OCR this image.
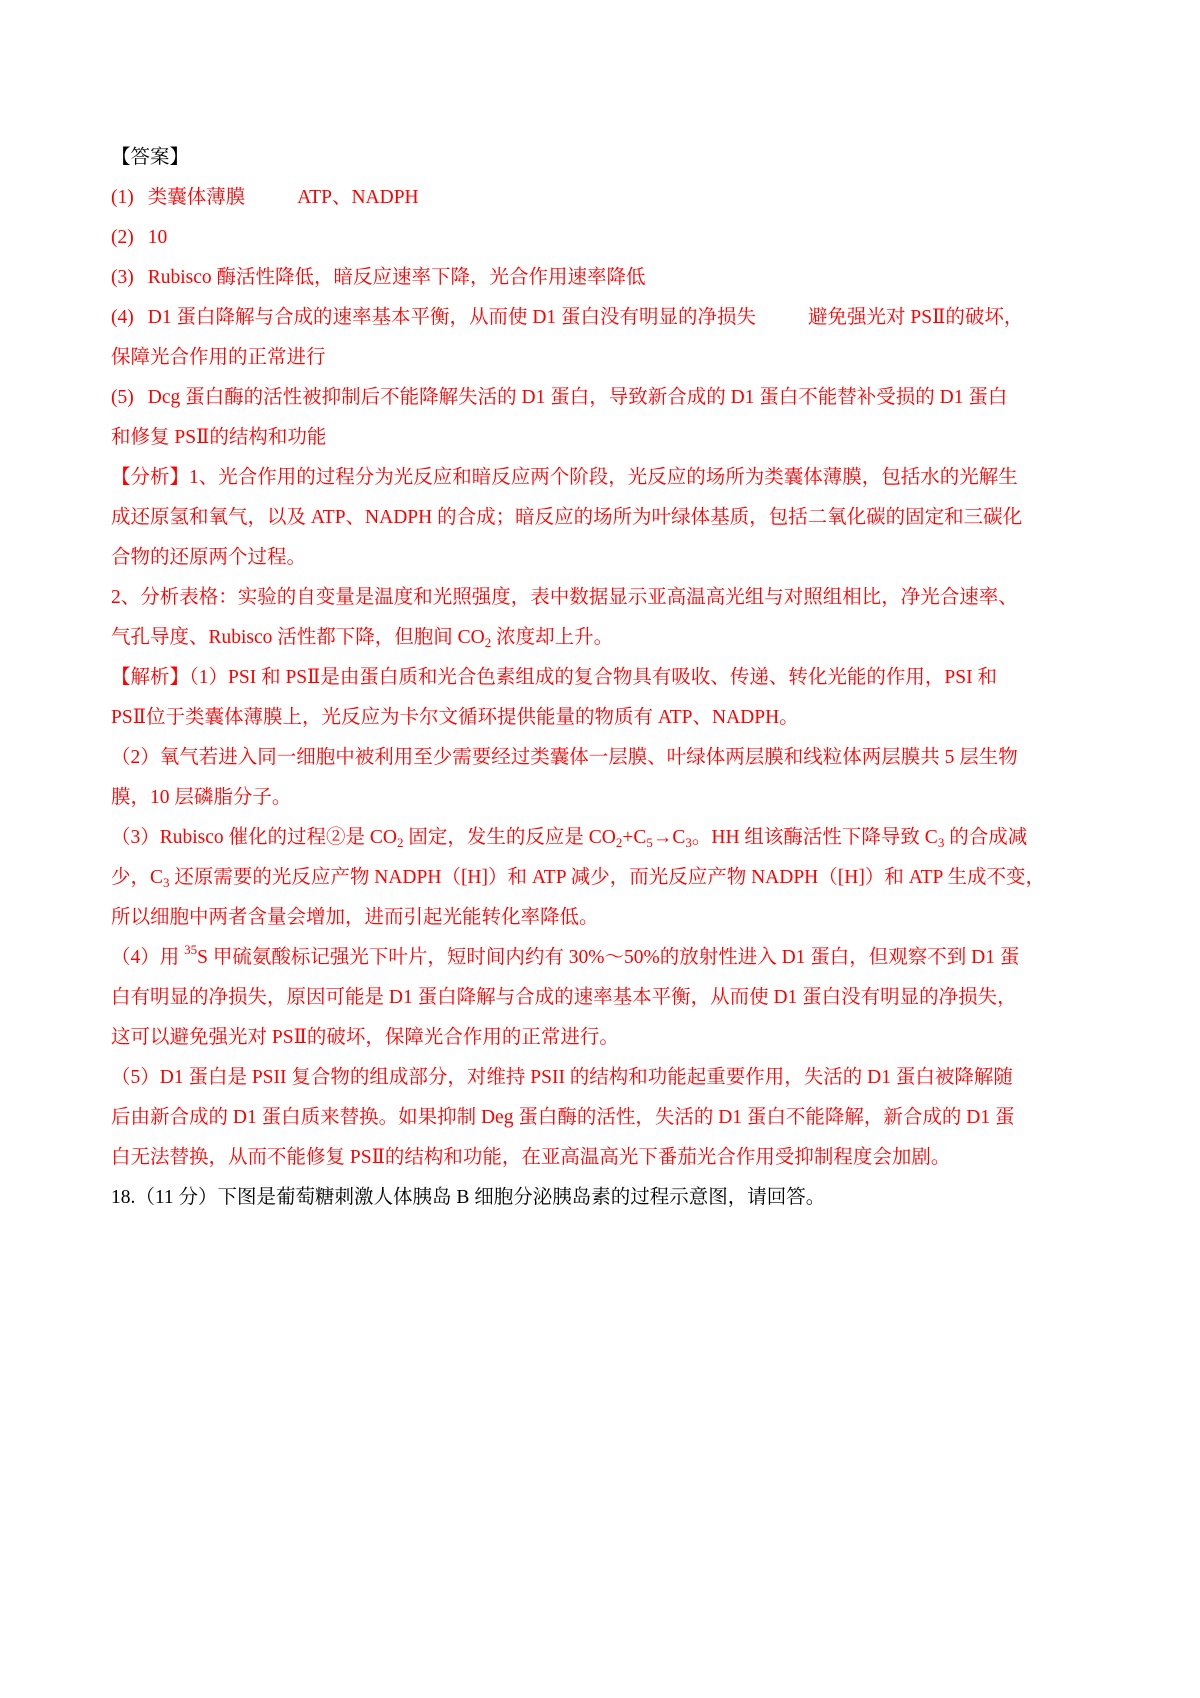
【答案】
(1) 类囊体薄膜	ATP、NADPH
(2) 10
(3) Rubisco 酶活性降低，暗反应速率下降，光合作用速率降低
(4) D1 蛋白降解与合成的速率基本平衡，从而使 D1 蛋白没有明显的净损失	避免强光对 PSⅡ的破坏，
保障光合作用的正常进行
(5) Dcg 蛋白酶的活性被抑制后不能降解失活的 D1 蛋白，导致新合成的 D1 蛋白不能替补受损的 D1 蛋白
和修复 PSⅡ的结构和功能
【分析】1、光合作用的过程分为光反应和暗反应两个阶段，光反应的场所为类囊体薄膜，包括水的光解生
成还原氢和氧气，以及 ATP、NADPH 的合成；暗反应的场所为叶绿体基质，包括二氧化碳的固定和三碳化
合物的还原两个过程。
2、分析表格：实验的自变量是温度和光照强度，表中数据显示亚高温高光组与对照组相比，净光合速率、
气孔导度、Rubisco 活性都下降，但胞间 $CO_2$ 浓度却上升。
【解析】（1）PSI 和 PSⅡ是由蛋白质和光合色素组成的复合物具有吸收、传递、转化光能的作用，PSI 和
PSⅡ位于类囊体薄膜上，光反应为卡尔文循环提供能量的物质有 ATP、NADPH。
（2）氧气若进入同一细胞中被利用至少需要经过类囊体一层膜、叶绿体两层膜和线粒体两层膜共 5 层生物
膜，10 层磷脂分子。
（3）Rubisco 催化的过程②是 $CO_2$ 固定，发生的反应是 $CO_2+C_5\to C_3$。HH 组该酶活性下降导致 $C_3$ 的合成减
少，$C_3$ 还原需要的光反应产物 NADPH（[H]）和 ATP 减少，而光反应产物 NADPH（[H]）和 ATP 生成不变，
所以细胞中两者含量会增加，进而引起光能转化率降低。
（4）用 $^{35}$S 甲硫氨酸标记强光下叶片，短时间内约有 30%～50%的放射性进入 D1 蛋白，但观察不到 D1 蛋
白有明显的净损失，原因可能是 D1 蛋白降解与合成的速率基本平衡，从而使 D1 蛋白没有明显的净损失，
这可以避免强光对 PSⅡ的破坏，保障光合作用的正常进行。
（5）D1 蛋白是 PSII 复合物的组成部分，对维持 PSII 的结构和功能起重要作用，失活的 D1 蛋白被降解随
后由新合成的 D1 蛋白质来替换。如果抑制 Deg 蛋白酶的活性，失活的 D1 蛋白不能降解，新合成的 D1 蛋
白无法替换，从而不能修复 PSⅡ的结构和功能，在亚高温高光下番茄光合作用受抑制程度会加剧。
18.（11 分）下图是葡萄糖刺激人体胰岛 B 细胞分泌胰岛素的过程示意图，请回答。
